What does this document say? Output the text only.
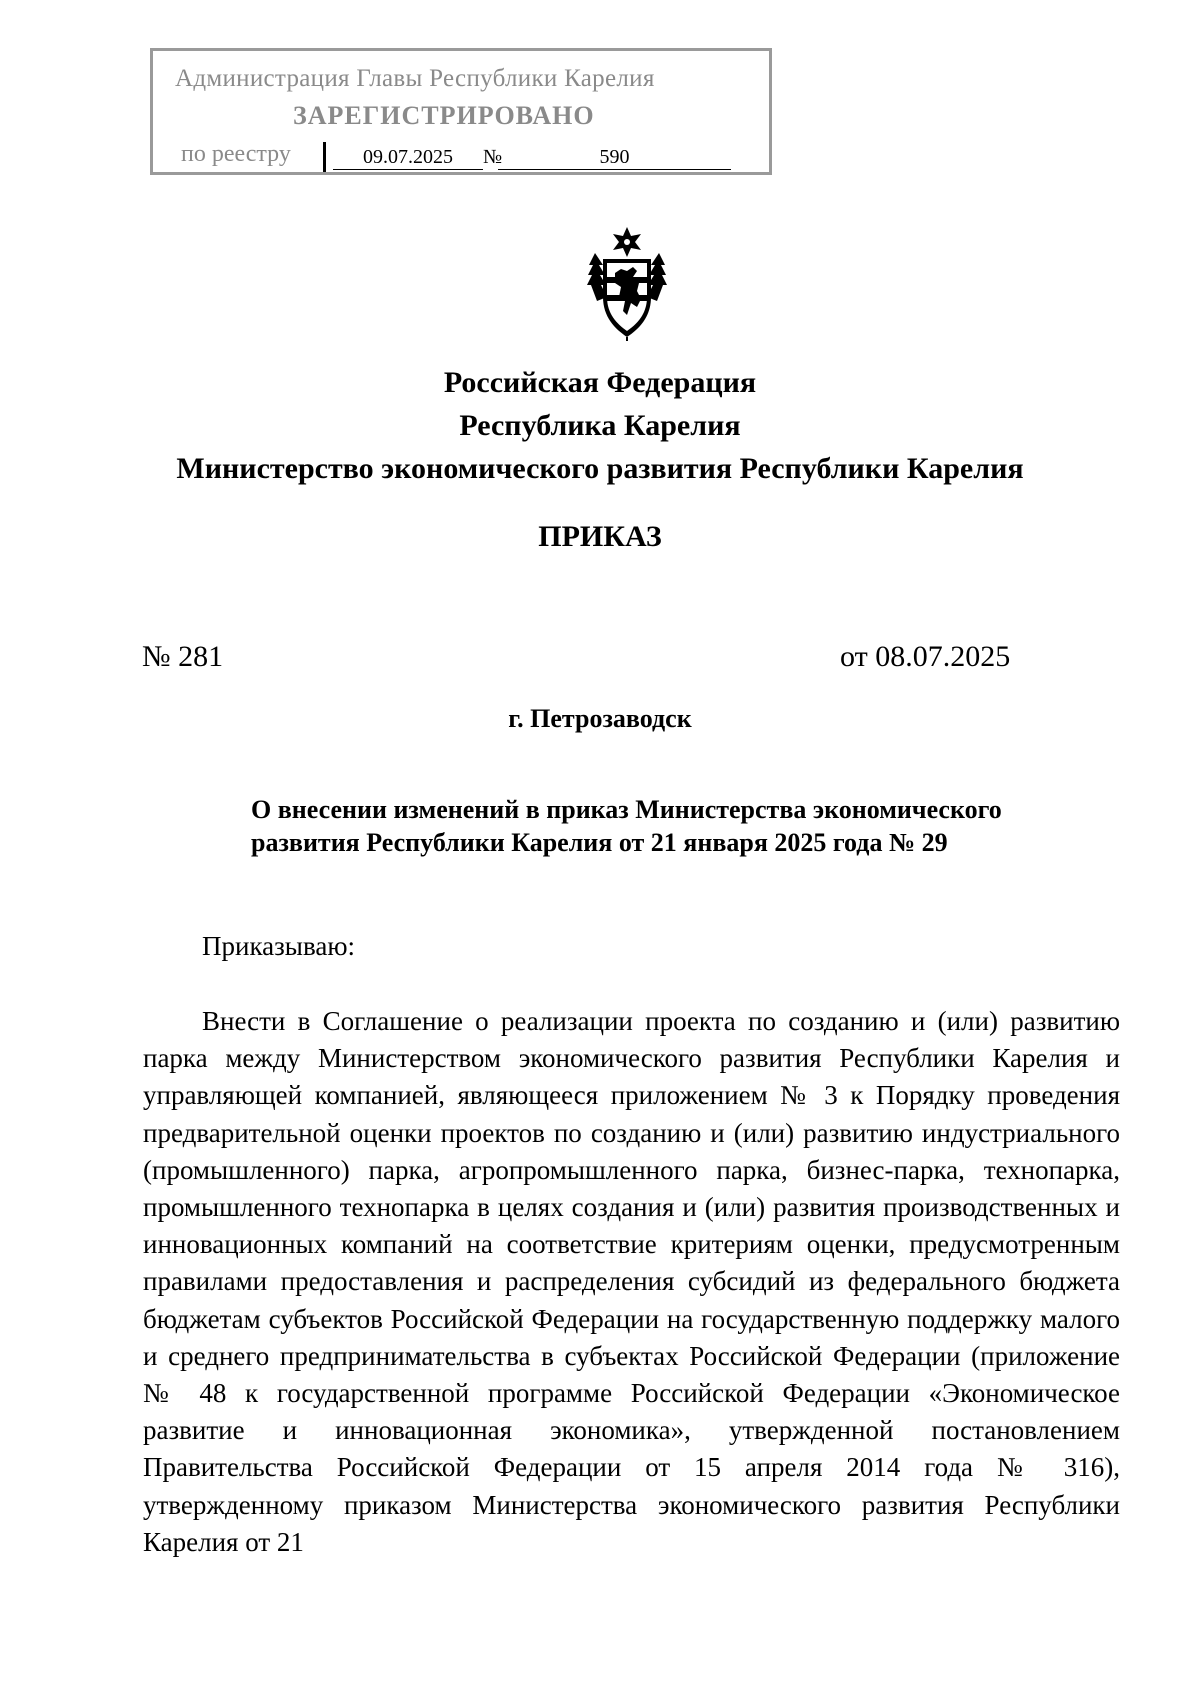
Администрация Главы Республики Карелия
ЗАРЕГИСТРИРОВАНО
по реестру	09.07.2025	№	590
Российская Федерация
Республика Карелия
Министерство экономического развития Республики Карелия
ПРИКАЗ
№ 281	от 08.07.2025
г. Петрозаводск
О внесении изменений в приказ Министерства экономического
развития Республики Карелия от 21 января 2025 года № 29
Приказываю:
Внести в Соглашение о реализации проекта по созданию и (или) развитию парка между Министерством экономического развития Республики Карелия и управляющей компанией, являющееся приложением № 3 к Порядку проведения предварительной оценки проектов по созданию и (или) развитию индустриального (промышленного) парка, агропромышленного парка, бизнес-парка, технопарка, промышленного технопарка в целях создания и (или) развития производственных и инновационных компаний на соответствие критериям оценки, предусмотренным правилами предоставления и распределения субсидий из федерального бюджета бюджетам субъектов Российской Федерации на государственную поддержку малого и среднего предпринимательства в субъектах Российской Федерации (приложение № 48 к государственной программе Российской Федерации «Экономическое развитие и инновационная экономика», утвержденной постановлением Правительства Российской Федерации от 15 апреля 2014 года № 316), утвержденному приказом Министерства экономического развития Республики Карелия от 21
